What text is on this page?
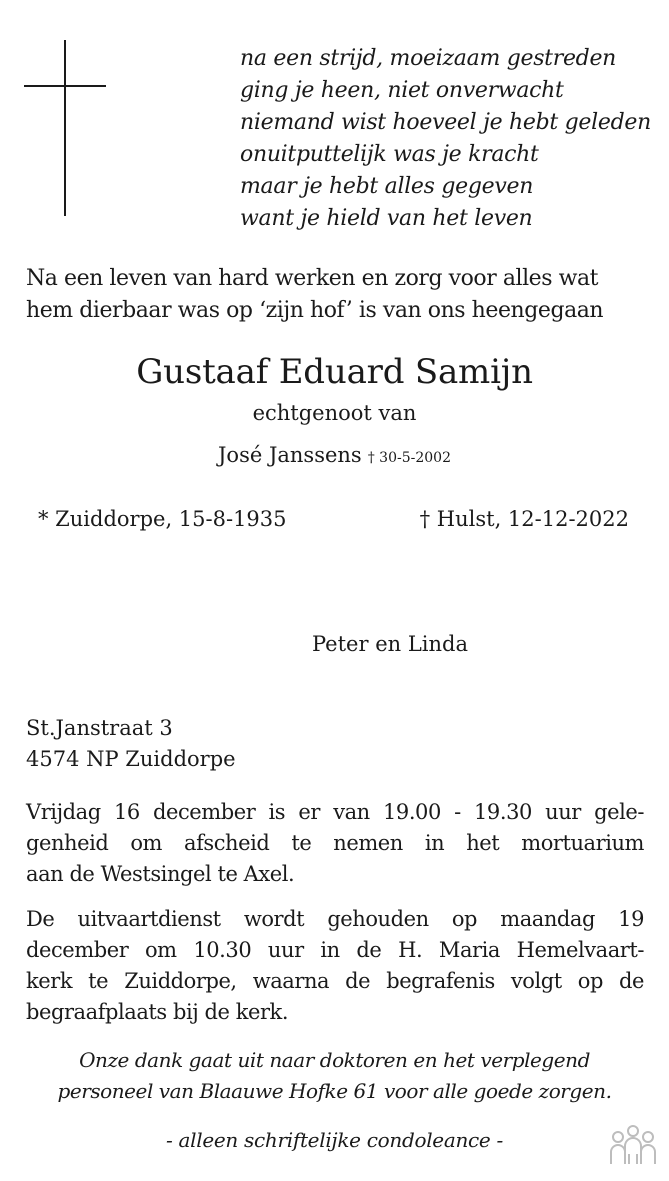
na een strijd, moeizaam gestreden
ging je heen, niet onverwacht
niemand wist hoeveel je hebt geleden
onuitputtelijk was je kracht
maar je hebt alles gegeven
want je hield van het leven
Na een leven van hard werken en zorg voor alles wat
hem dierbaar was op ‘zijn hof’ is van ons heengegaan
Gustaaf Eduard Samijn
echtgenoot van
José Janssens † 30-5-2002
* Zuiddorpe, 15-8-1935	† Hulst, 12-12-2022
Peter en Linda
St.Janstraat 3
4574 NP Zuiddorpe
Vrijdag 16 december is er van 19.00 - 19.30 uur gele-
genheid om afscheid te nemen in het mortuarium
aan de Westsingel te Axel.
De uitvaartdienst wordt gehouden op maandag 19
december om 10.30 uur in de H. Maria Hemelvaart-
kerk te Zuiddorpe, waarna de begrafenis volgt op de
begraafplaats bij de kerk.
Onze dank gaat uit naar doktoren en het verplegend
personeel van Blaauwe Hofke 61 voor alle goede zorgen.
- alleen schriftelijke condoleance -
